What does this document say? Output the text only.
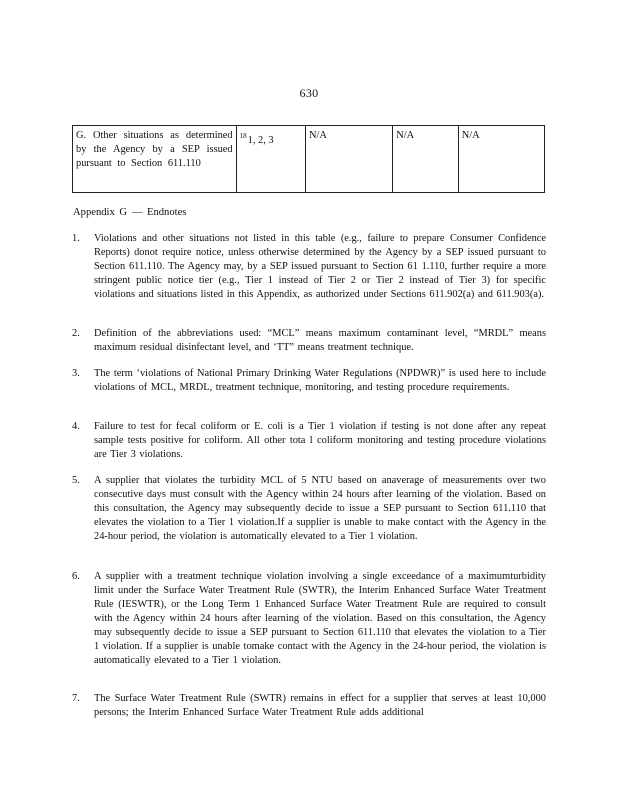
630
G. Other situations as determined by the Agency by a SEP issued pursuant to Section 611.110	$^{18}$1, 2, 3	N/A	N/A	N/A
Appendix G — Endnotes
1.	Violations and other situations not listed in this table (e.g., failure to prepare Consumer Confidence Reports) donot require notice, unless otherwise determined by the Agency by a SEP issued pursuant to Section 611.110. The Agency may, by a SEP issued pursuant to Section 61 1.110, further require a more stringent public notice tier (e.g., Tier 1 instead of Tier 2 or Tier 2 instead of Tier 3) for specific violations and situations listed in this Appendix, as authorized under Sections 611.902(a) and 611.903(a).
2.	Definition of the abbreviations used: “MCL” means maximum contaminant level, “MRDL” means maximum residual disinfectant level, and ‘TT” means treatment technique.
3.	The term ‘violations of National Primary Drinking Water Regulations (NPDWR)” is used here to include violations of MCL, MRDL, treatment technique, monitoring, and testing procedure requirements.
4.	Failure to test for fecal coliform or E. coli is a Tier 1 violation if testing is not done after any repeat sample tests positive for coliform. All other tota l coliform monitoring and testing procedure violations are Tier 3 violations.
5.	A supplier that violates the turbidity MCL of 5 NTU based on anaverage of measurements over two consecutive days must consult with the Agency within 24 hours after learning of the violation. Based on this consultation, the Agency may subsequently decide to issue a SEP pursuant to Section 611.110 that elevates the violation to a Tier 1 violation.If a supplier is unable to make contact with the Agency in the 24-hour period, the violation is automatically elevated to a Tier 1 violation.
6.	A supplier with a treatment technique violation involving a single exceedance of a maximumturbidity limit under the Surface Water Treatment Rule (SWTR), the Interim Enhanced Surface Water Treatment Rule (IESWTR), or the Long Term 1 Enhanced Surface Water Treatment Rule are required to consult with the Agency within 24 hours after learning of the violation. Based on this consultation, the Agency may subsequently decide to issue a SEP pursuant to Section 611.110 that elevates the violation to a Tier 1 violation. If a supplier is unable tomake contact with the Agency in the 24-hour period, the violation is automatically elevated to a Tier 1 violation.
7.	The Surface Water Treatment Rule (SWTR) remains in effect for a supplier that serves at least 10,000 persons; the Interim Enhanced Surface Water Treatment Rule adds additional
